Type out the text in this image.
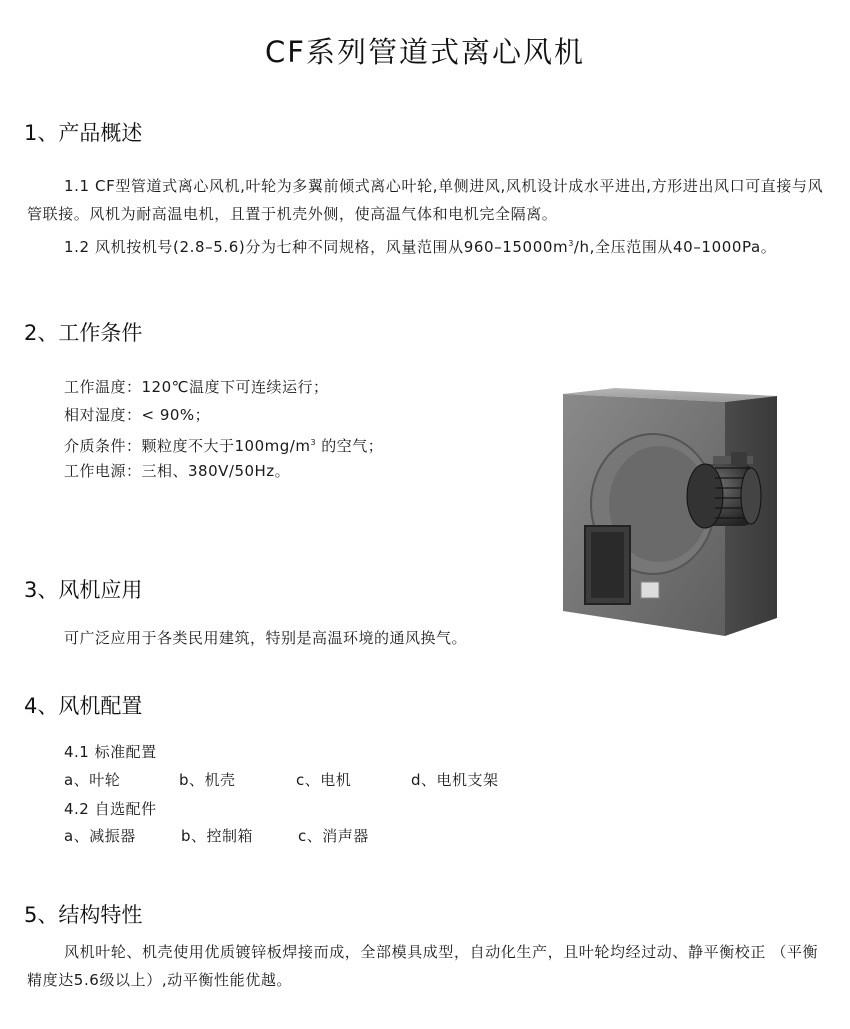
CF系列管道式离心风机
1、产品概述
1.1 CF型管道式离心风机,叶轮为多翼前倾式离心叶轮,单侧进风,风机设计成水平进出,方形进出风口可直接与风管联接。风机为耐高温电机，且置于机壳外侧，使高温气体和电机完全隔离。
1.2 风机按机号(2.8–5.6)分为七种不同规格，风量范围从$960-15000m^3/h$,全压范围从40–1000Pa。
2、工作条件
工作温度：120℃温度下可连续运行；
相对湿度：< 90%；
介质条件：颗粒度不大于$100mg/m^3$ 的空气；
工作电源：三相、380V/50Hz。
3、风机应用
可广泛应用于各类民用建筑，特别是高温环境的通风换气。
4、风机配置
4.1 标准配置
a、叶轮	b、机壳	c、电机	d、电机支架
4.2 自选配件
a、减振器	b、控制箱	c、消声器
5、结构特性
风机叶轮、机壳使用优质镀锌板焊接而成，全部模具成型，自动化生产，且叶轮均经过动、静平衡校正 （平衡精度达5.6级以上）,动平衡性能优越。
